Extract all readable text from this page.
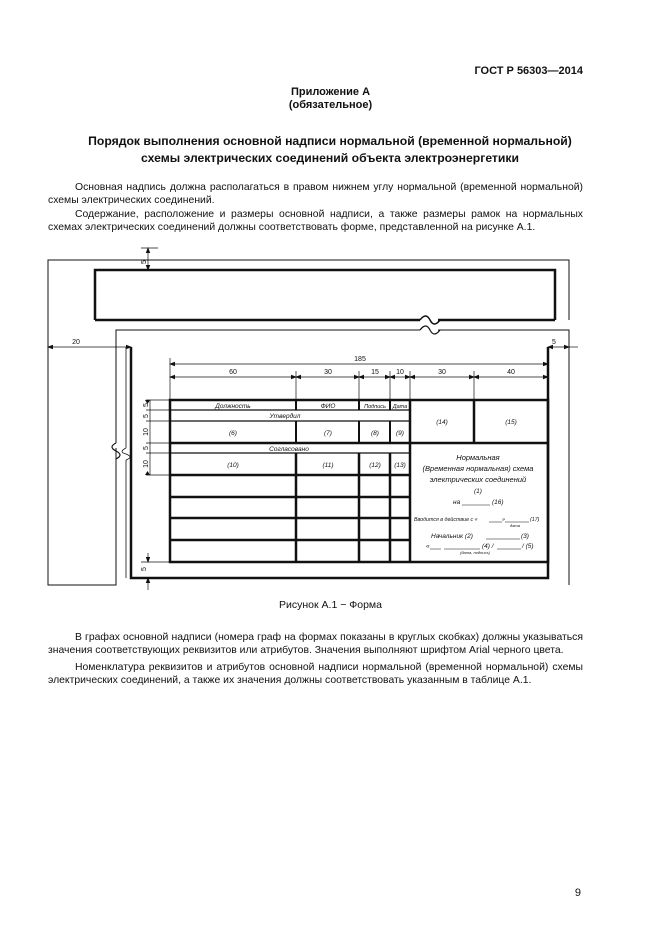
ГОСТ Р 56303—2014
Приложение А
(обязательное)
Порядок выполнения основной надписи нормальной (временной нормальной)
схемы электрических соединений объекта электроэнергетики
Основная надпись должна располагаться в правом нижнем углу нормальной (временной нормальной) схемы электрических соединений.
Содержание, расположение и размеры основной надписи, а также размеры рамок на нормальных схемах электрических соединений должны соответствовать форме, представленной на рисунке А.1.
5
20	5
185
60	30	15 10	30	40
5
5
10
5
10
5
Должность	ФИО	Подпись Дата
Утвердил
(6)	(7)	(8)	(9)
Согласовано
(10)	(11)	(12) (13)
(14)	(15)
Нормальная
(Временная нормальная) схема
электрических соединений
(1)
на	(16)
Вводится в действие с «	»	(17)
дата
Начальник (2)	(3)
«	(4) /	/ (5)
(дата, подпись)
Рисунок А.1 − Форма
В графах основной надписи (номера граф на формах показаны в круглых скобках) должны указываться значения соответствующих реквизитов или атрибутов. Значения выполняют шрифтом Arial черного цвета.
Номенклатура реквизитов и атрибутов основной надписи нормальной (временной нормальной) схемы электрических соединений, а также их значения должны соответствовать указанным в таблице А.1.
9
